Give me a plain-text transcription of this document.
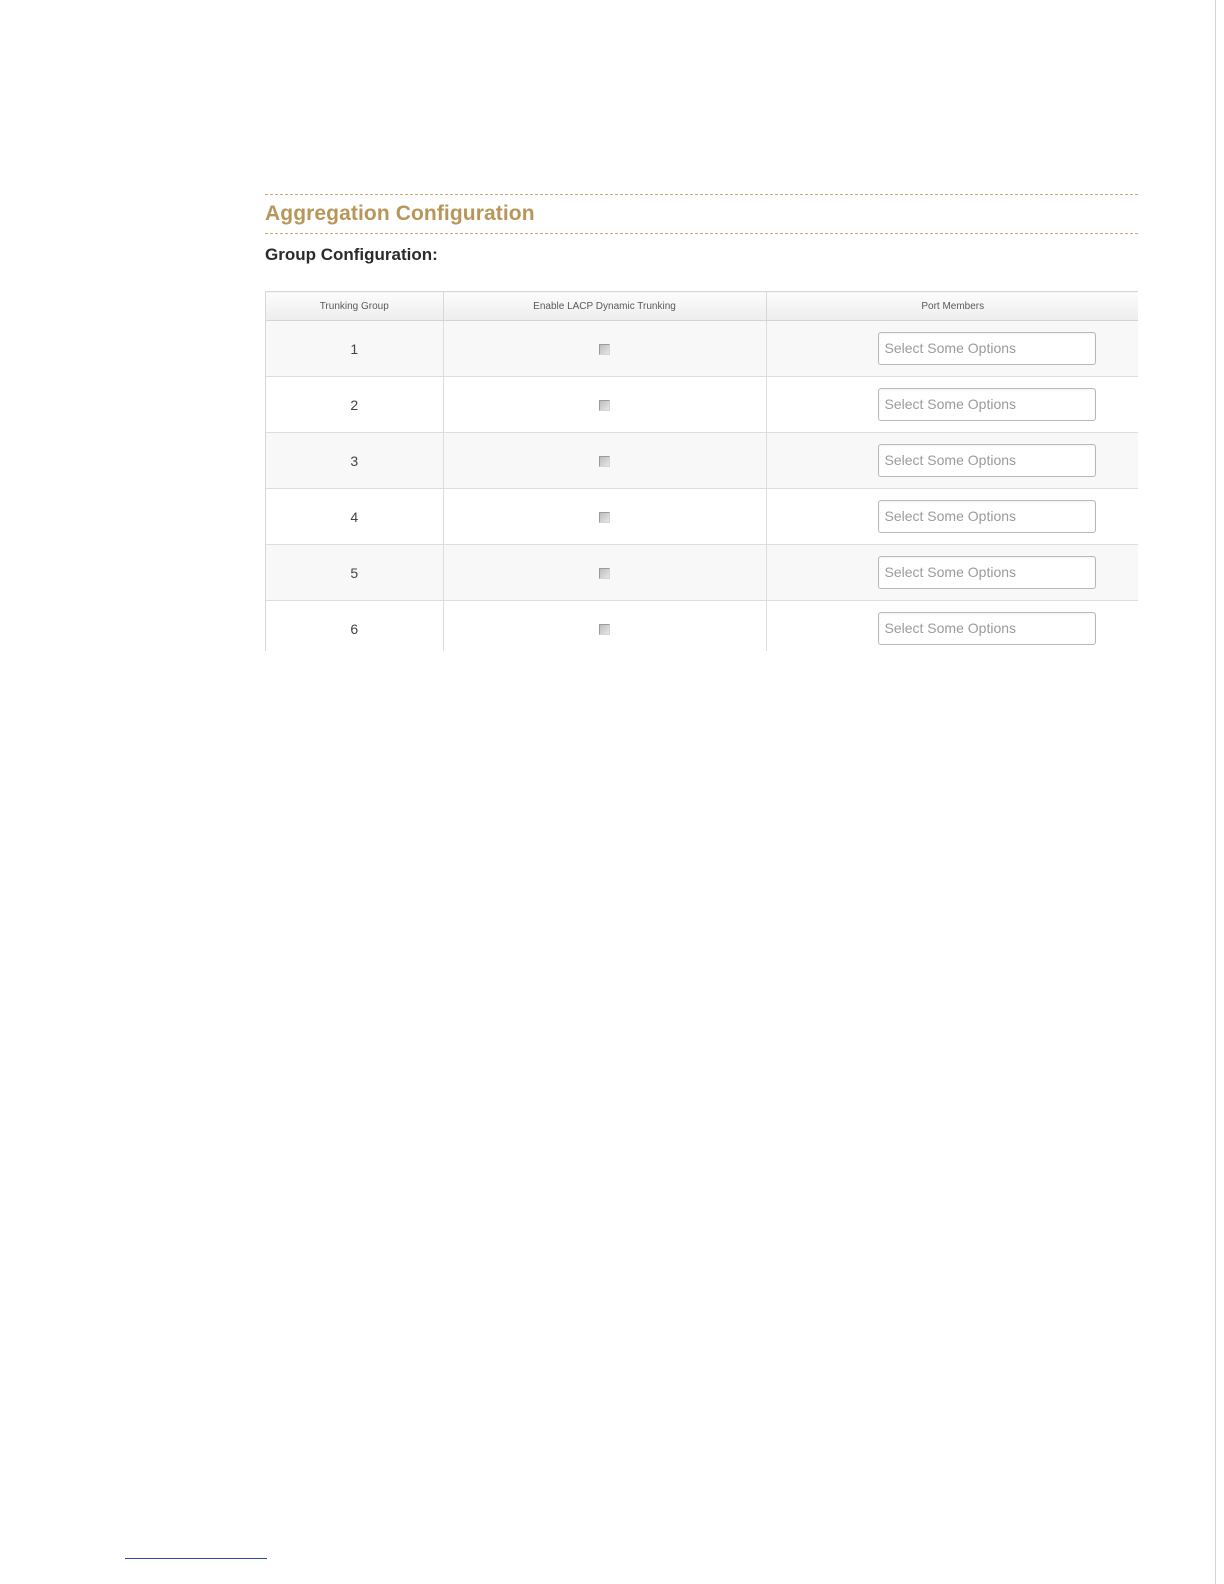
Aggregation Configuration
Group Configuration:
Trunking Group	Enable LACP Dynamic Trunking	Port Members
1		Select Some Options

2		Select Some Options

3		Select Some Options

4		Select Some Options

5		Select Some Options

6		Select Some Options
